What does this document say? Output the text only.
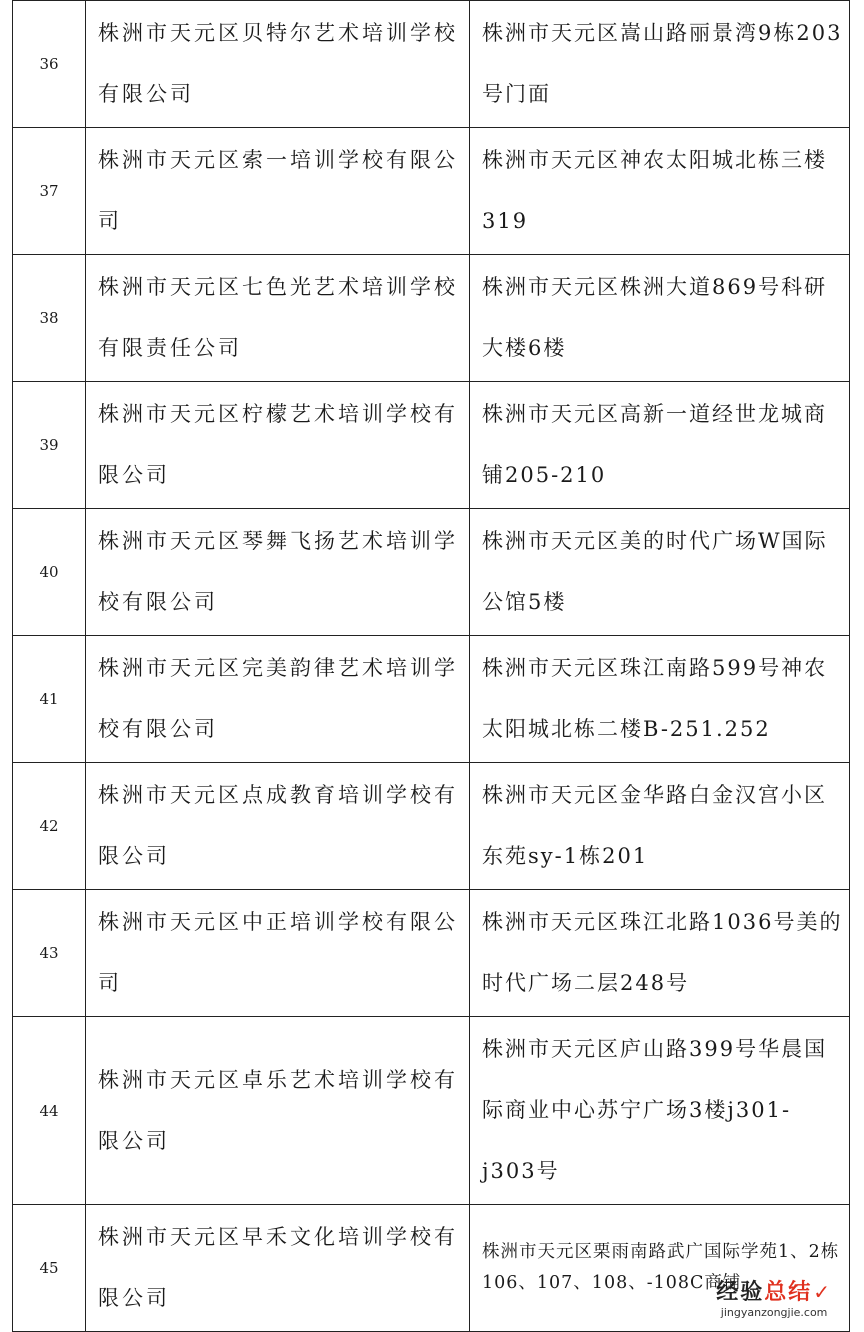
36	株洲市天元区贝特尔艺术培训学校有限公司	株洲市天元区嵩山路丽景湾9栋203号门面
37	株洲市天元区索一培训学校有限公司	株洲市天元区神农太阳城北栋三楼319
38	株洲市天元区七色光艺术培训学校有限责任公司	株洲市天元区株洲大道869号科研大楼6楼
39	株洲市天元区柠檬艺术培训学校有限公司	株洲市天元区高新一道经世龙城商铺205-210
40	株洲市天元区琴舞飞扬艺术培训学校有限公司	株洲市天元区美的时代广场W国际公馆5楼
41	株洲市天元区完美韵律艺术培训学校有限公司	株洲市天元区珠江南路599号神农太阳城北栋二楼B-251.252
42	株洲市天元区点成教育培训学校有限公司	株洲市天元区金华路白金汉宫小区东苑sy-1栋201
43	株洲市天元区中正培训学校有限公司	株洲市天元区珠江北路1036号美的时代广场二层248号
44	株洲市天元区卓乐艺术培训学校有限公司	株洲市天元区庐山路399号华晨国际商业中心苏宁广场3楼j301-j303号
45	株洲市天元区早禾文化培训学校有限公司	株洲市天元区栗雨南路武广国际学苑1、2栋106、107、108、-108C商铺
经验总结✓
jingyanzongjie.com
